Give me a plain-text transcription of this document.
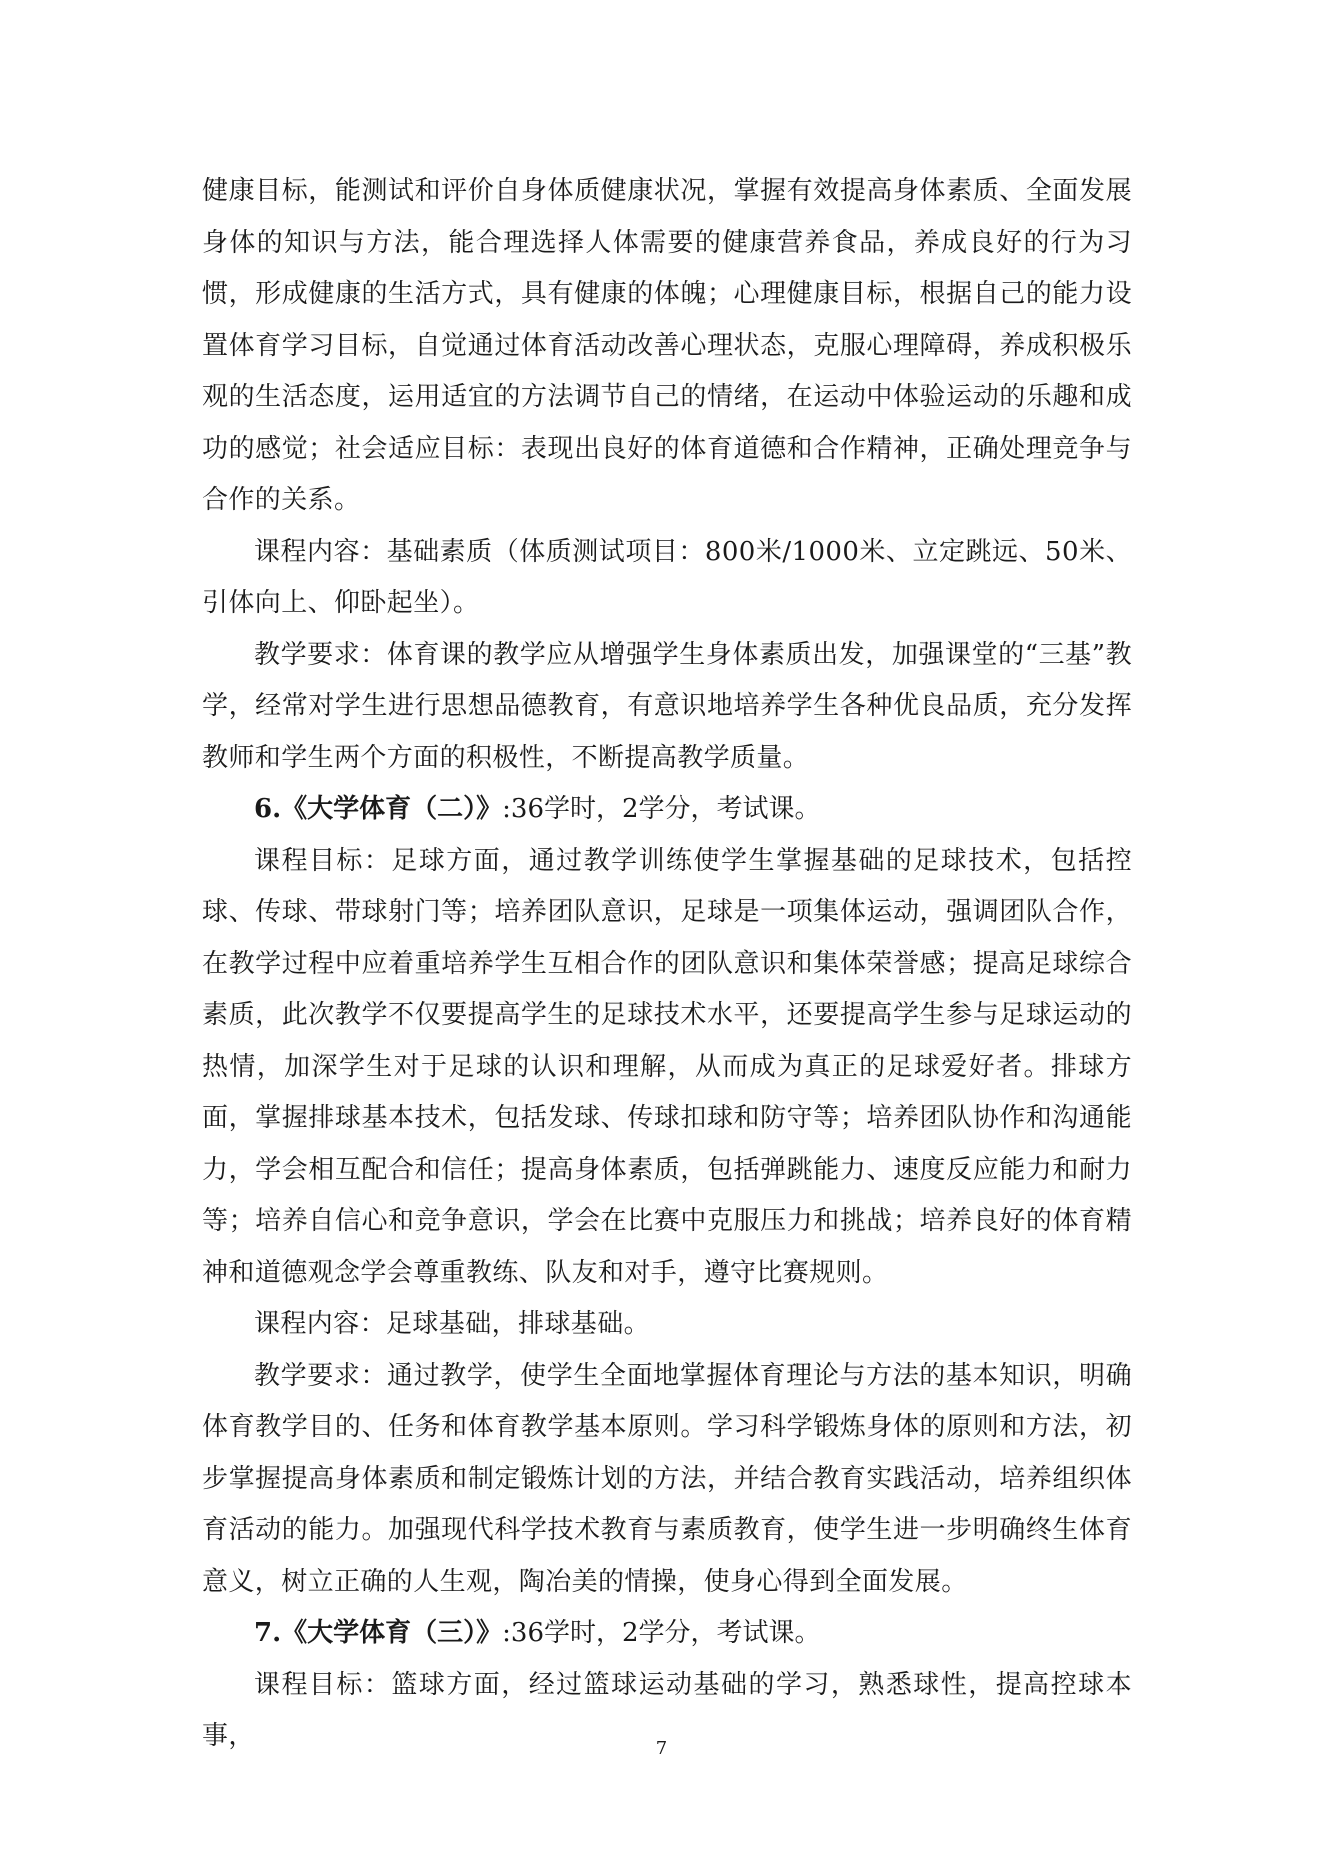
健康目标，能测试和评价自身体质健康状况，掌握有效提高身体素质、全面发展身体的知识与方法，能合理选择人体需要的健康营养食品，养成良好的行为习惯，形成健康的生活方式，具有健康的体魄；心理健康目标，根据自己的能力设置体育学习目标，自觉通过体育活动改善心理状态，克服心理障碍，养成积极乐观的生活态度，运用适宜的方法调节自己的情绪，在运动中体验运动的乐趣和成功的感觉；社会适应目标：表现出良好的体育道德和合作精神，正确处理竞争与合作的关系。

课程内容：基础素质（体质测试项目：800米/1000米、立定跳远、50米、引体向上、仰卧起坐）。

教学要求：体育课的教学应从增强学生身体素质出发，加强课堂的“三基”教学，经常对学生进行思想品德教育，有意识地培养学生各种优良品质，充分发挥教师和学生两个方面的积极性，不断提高教学质量。

6.《大学体育（二）》:36学时，2学分，考试课。

课程目标：足球方面，通过教学训练使学生掌握基础的足球技术，包括控球、传球、带球射门等；培养团队意识，足球是一项集体运动，强调团队合作，在教学过程中应着重培养学生互相合作的团队意识和集体荣誉感；提高足球综合素质，此次教学不仅要提高学生的足球技术水平，还要提高学生参与足球运动的热情，加深学生对于足球的认识和理解，从而成为真正的足球爱好者。排球方面，掌握排球基本技术，包括发球、传球扣球和防守等；培养团队协作和沟通能力，学会相互配合和信任；提高身体素质，包括弹跳能力、速度反应能力和耐力等；培养自信心和竞争意识，学会在比赛中克服压力和挑战；培养良好的体育精神和道德观念学会尊重教练、队友和对手，遵守比赛规则。

课程内容：足球基础，排球基础。

教学要求：通过教学，使学生全面地掌握体育理论与方法的基本知识，明确体育教学目的、任务和体育教学基本原则。学习科学锻炼身体的原则和方法，初步掌握提高身体素质和制定锻炼计划的方法，并结合教育实践活动，培养组织体育活动的能力。加强现代科学技术教育与素质教育，使学生进一步明确终生体育意义，树立正确的人生观，陶冶美的情操，使身心得到全面发展。

7.《大学体育（三）》:36学时，2学分，考试课。

课程目标：篮球方面，经过篮球运动基础的学习，熟悉球性，提高控球本事，	7
